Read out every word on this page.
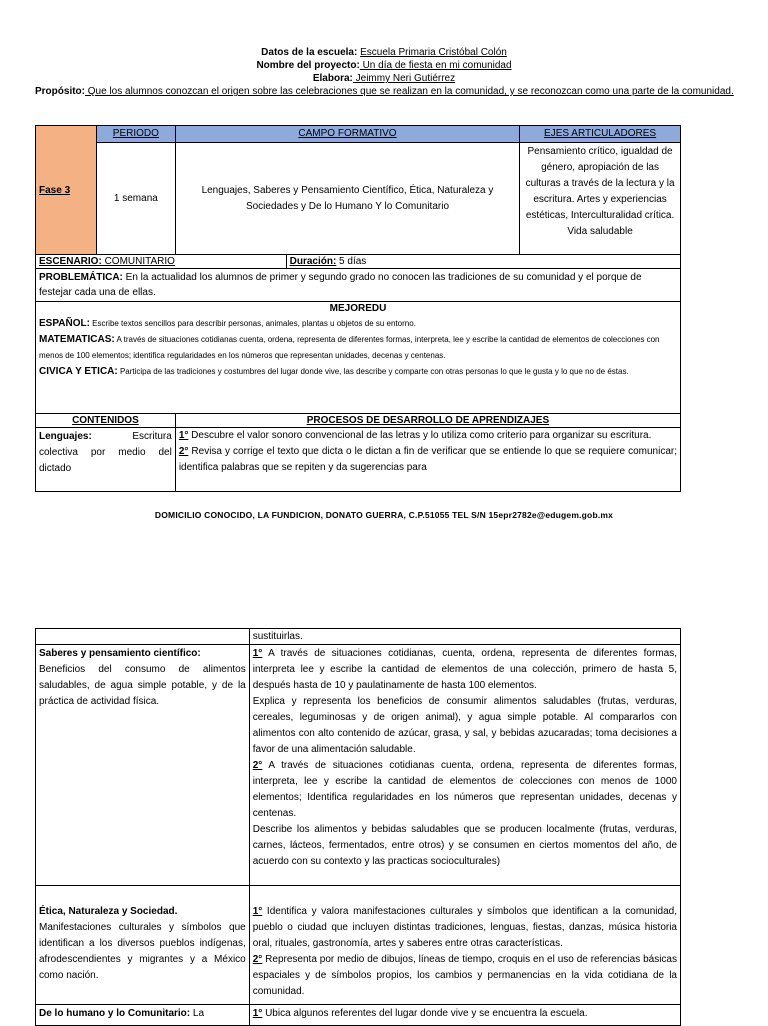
Datos de la escuela: Escuela Primaria Cristóbal Colón
Nombre del proyecto: Un día de fiesta en mi comunidad
Elabora: Jeimmy Neri Gutiérrez
Propósito: Que los alumnos conozcan el origen sobre las celebraciones que se realizan en la comunidad, y se reconozcan como una parte de la comunidad.
Fase 3	PERIODO	CAMPO FORMATIVO		EJES ARTICULADORES
	1 semana	Lenguajes, Saberes y Pensamiento Científico, Ética, Naturaleza y Sociedades y De lo Humano Y lo Comunitario		Pensamiento crítico, igualdad de género, apropiación de las culturas a través de la lectura y la escritura. Artes y experiencias estéticas, Interculturalidad crítica. Vida saludable
ESCENARIO: COMUNITARIO			Duración: 5 días	
PROBLEMÁTICA: En la actualidad los alumnos de primer y segundo grado no conocen las tradiciones de su comunidad y el porque de festejar cada una de ellas.				

MEJOREDU
ESPAÑOL: Escribe textos sencillos para describir personas, animales, plantas u objetos de su entorno.
MATEMATICAS: A través de situaciones cotidianas cuenta, ordena, representa de diferentes formas, interpreta, lee y escribe la cantidad de elementos de colecciones con menos de 100 elementos; identifica regularidades en los números que representan unidades, decenas y centenas.
CIVICA Y ETICA: Participa de las tradiciones y costumbres del lugar donde vive, las describe y comparte con otras personas lo que le gusta y lo que no de éstas.				

CONTENIDOS		PROCESOS DE DESARROLLO DE APRENDIZAJES		
Lenguajes: Escritura colectiva por medio del dictado		1° Descubre el valor sonoro convencional de las letras y lo utiliza como criterio para organizar su escritura.
2° Revisa y corrige el texto que dicta o le dictan a fin de verificar que se entiende lo que se requiere comunicar; identifica palabras que se repiten y da sugerencias para		
DOMICILIO CONOCIDO, LA FUNDICION, DONATO GUERRA, C.P.51055 TEL S/N 15epr2782e@edugem.gob.mx
	sustituirlas.

Saberes y pensamiento científico:
Beneficios del consumo de alimentos saludables, de agua simple potable, y de la práctica de actividad física.	1° A través de situaciones cotidianas, cuenta, ordena, representa de diferentes formas, interpreta lee y escribe la cantidad de elementos de una colección, primero de hasta 5, después hasta de 10 y paulatinamente de hasta 100 elementos.
Explica y representa los beneficios de consumir alimentos saludables (frutas, verduras, cereales, leguminosas y de origen animal), y agua simple potable. Al compararlos con alimentos con alto contenido de azúcar, grasa, y sal, y bebidas azucaradas; toma decisiones a favor de una alimentación saludable.
2° A través de situaciones cotidianas cuenta, ordena, representa de diferentes formas, interpreta, lee y escribe la cantidad de elementos de colecciones con menos de 1000 elementos; Identifica regularidades en los números que representan unidades, decenas y centenas.
Describe los alimentos y bebidas saludables que se producen localmente (frutas, verduras, carnes, lácteos, fermentados, entre otros) y se consumen en ciertos momentos del año, de acuerdo con su contexto y las practicas socioculturales)

Ética, Naturaleza y Sociedad.
Manifestaciones culturales y símbolos que identifican a los diversos pueblos indígenas, afrodescendientes y migrantes y a México como nación.	1° Identifica y valora manifestaciones culturales y símbolos que identifican a la comunidad, pueblo o ciudad que incluyen distintas tradiciones, lenguas, fiestas, danzas, música historia oral, rituales, gastronomía, artes y saberes entre otras características.
2° Representa por medio de dibujos, líneas de tiempo, croquis en el uso de referencias básicas espaciales y de símbolos propios, los cambios y permanencias en la vida cotidiana de la comunidad.

De lo humano y lo Comunitario: La	1° Ubica algunos referentes del lugar donde vive y se encuentra la escuela.
